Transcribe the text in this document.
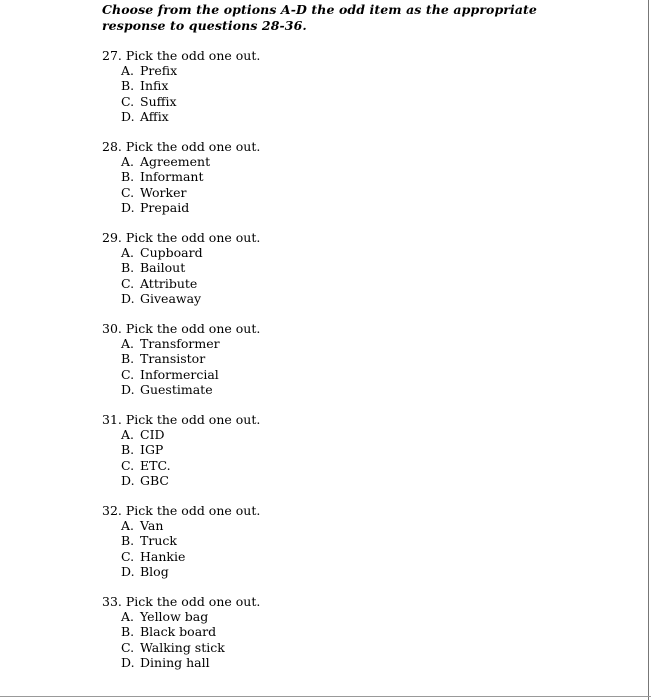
Choose from the options A-D the odd item as the appropriate response to questions 28-36.
27. Pick the odd one out.
A. Prefix
B. Infix
C. Suffix
D. Affix
28. Pick the odd one out.
A. Agreement
B. Informant
C. Worker
D. Prepaid
29. Pick the odd one out.
A. Cupboard
B. Bailout
C. Attribute
D. Giveaway
30. Pick the odd one out.
A. Transformer
B. Transistor
C. Informercial
D. Guestimate
31. Pick the odd one out.
A. CID
B. IGP
C. ETC.
D. GBC
32. Pick the odd one out.
A. Van
B. Truck
C. Hankie
D. Blog
33. Pick the odd one out.
A. Yellow bag
B. Black board
C. Walking stick
D. Dining hall
